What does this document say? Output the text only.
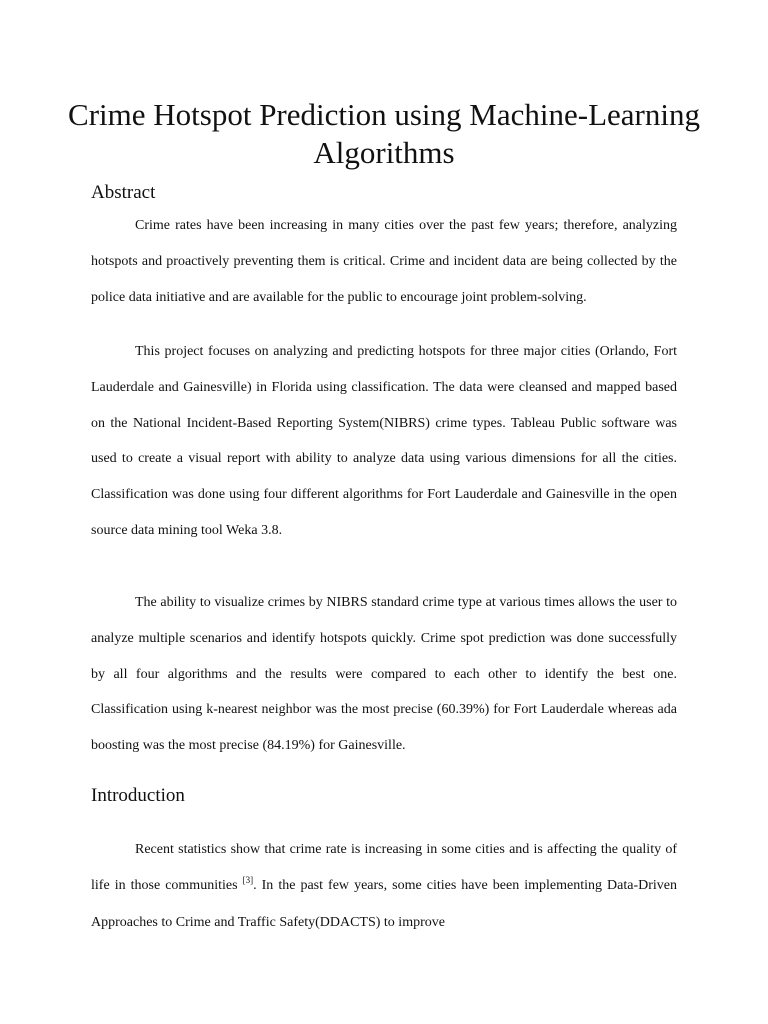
Crime Hotspot Prediction using Machine-Learning Algorithms
Abstract

Crime rates have been increasing in many cities over the past few years; therefore, analyzing hotspots and proactively preventing them is critical. Crime and incident data are being collected by the police data initiative and are available for the public to encourage joint problem-solving.

This project focuses on analyzing and predicting hotspots for three major cities (Orlando, Fort Lauderdale and Gainesville) in Florida using classification. The data were cleansed and mapped based on the National Incident-Based Reporting System(NIBRS) crime types. Tableau Public software was used to create a visual report with ability to analyze data using various dimensions for all the cities. Classification was done using four different algorithms for Fort Lauderdale and Gainesville in the open source data mining tool Weka 3.8.

The ability to visualize crimes by NIBRS standard crime type at various times allows the user to analyze multiple scenarios and identify hotspots quickly. Crime spot prediction was done successfully by all four algorithms and the results were compared to each other to identify the best one. Classification using k-nearest neighbor was the most precise (60.39%) for Fort Lauderdale whereas ada boosting was the most precise (84.19%) for Gainesville.

Introduction

Recent statistics show that crime rate is increasing in some cities and is affecting the quality of life in those communities [3]. In the past few years, some cities have been implementing Data-Driven Approaches to Crime and Traffic Safety(DDACTS) to improve
